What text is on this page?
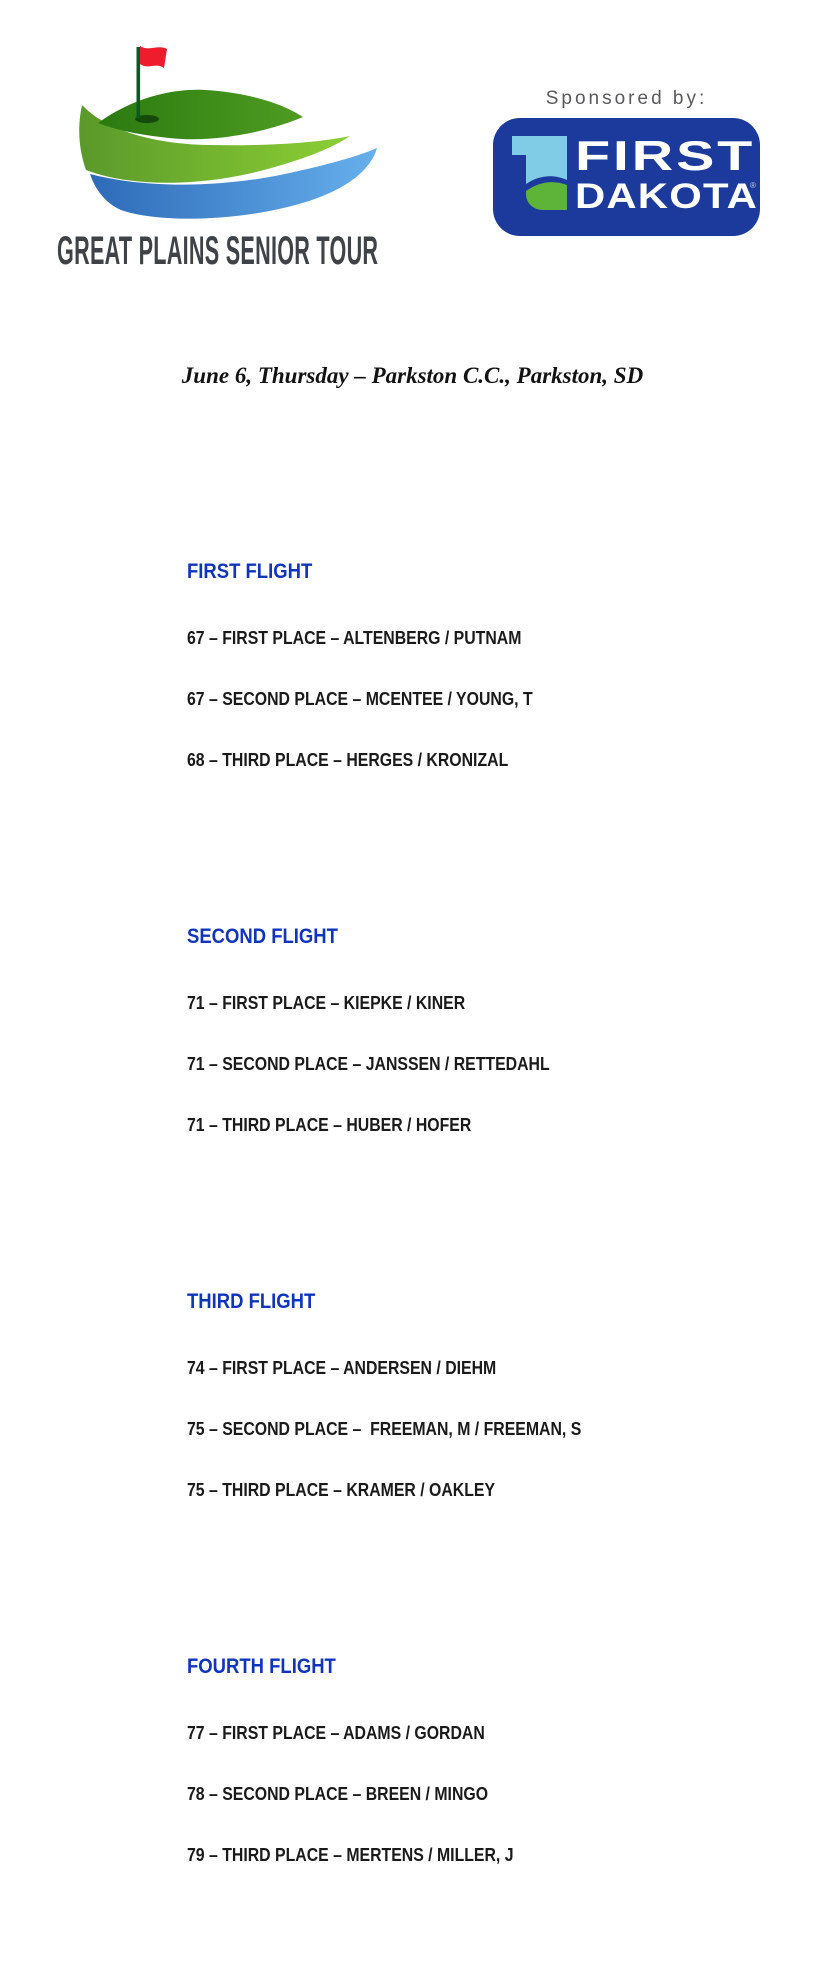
GREAT PLAINS SENIOR TOUR
Sponsored by:
FIRST
DAKOTA
®
June 6, Thursday – Parkston C.C., Parkston, SD

FIRST FLIGHT

67 – FIRST PLACE – ALTENBERG / PUTNAM

67 – SECOND PLACE – MCENTEE / YOUNG, T

68 – THIRD PLACE – HERGES / KRONIZAL

SECOND FLIGHT

71 – FIRST PLACE – KIEPKE / KINER

71 – SECOND PLACE – JANSSEN / RETTEDAHL

71 – THIRD PLACE – HUBER / HOFER

THIRD FLIGHT

74 – FIRST PLACE – ANDERSEN / DIEHM

75 – SECOND PLACE –  FREEMAN, M / FREEMAN, S

75 – THIRD PLACE – KRAMER / OAKLEY

FOURTH FLIGHT

77 – FIRST PLACE – ADAMS / GORDAN

78 – SECOND PLACE – BREEN / MINGO

79 – THIRD PLACE – MERTENS / MILLER, J
